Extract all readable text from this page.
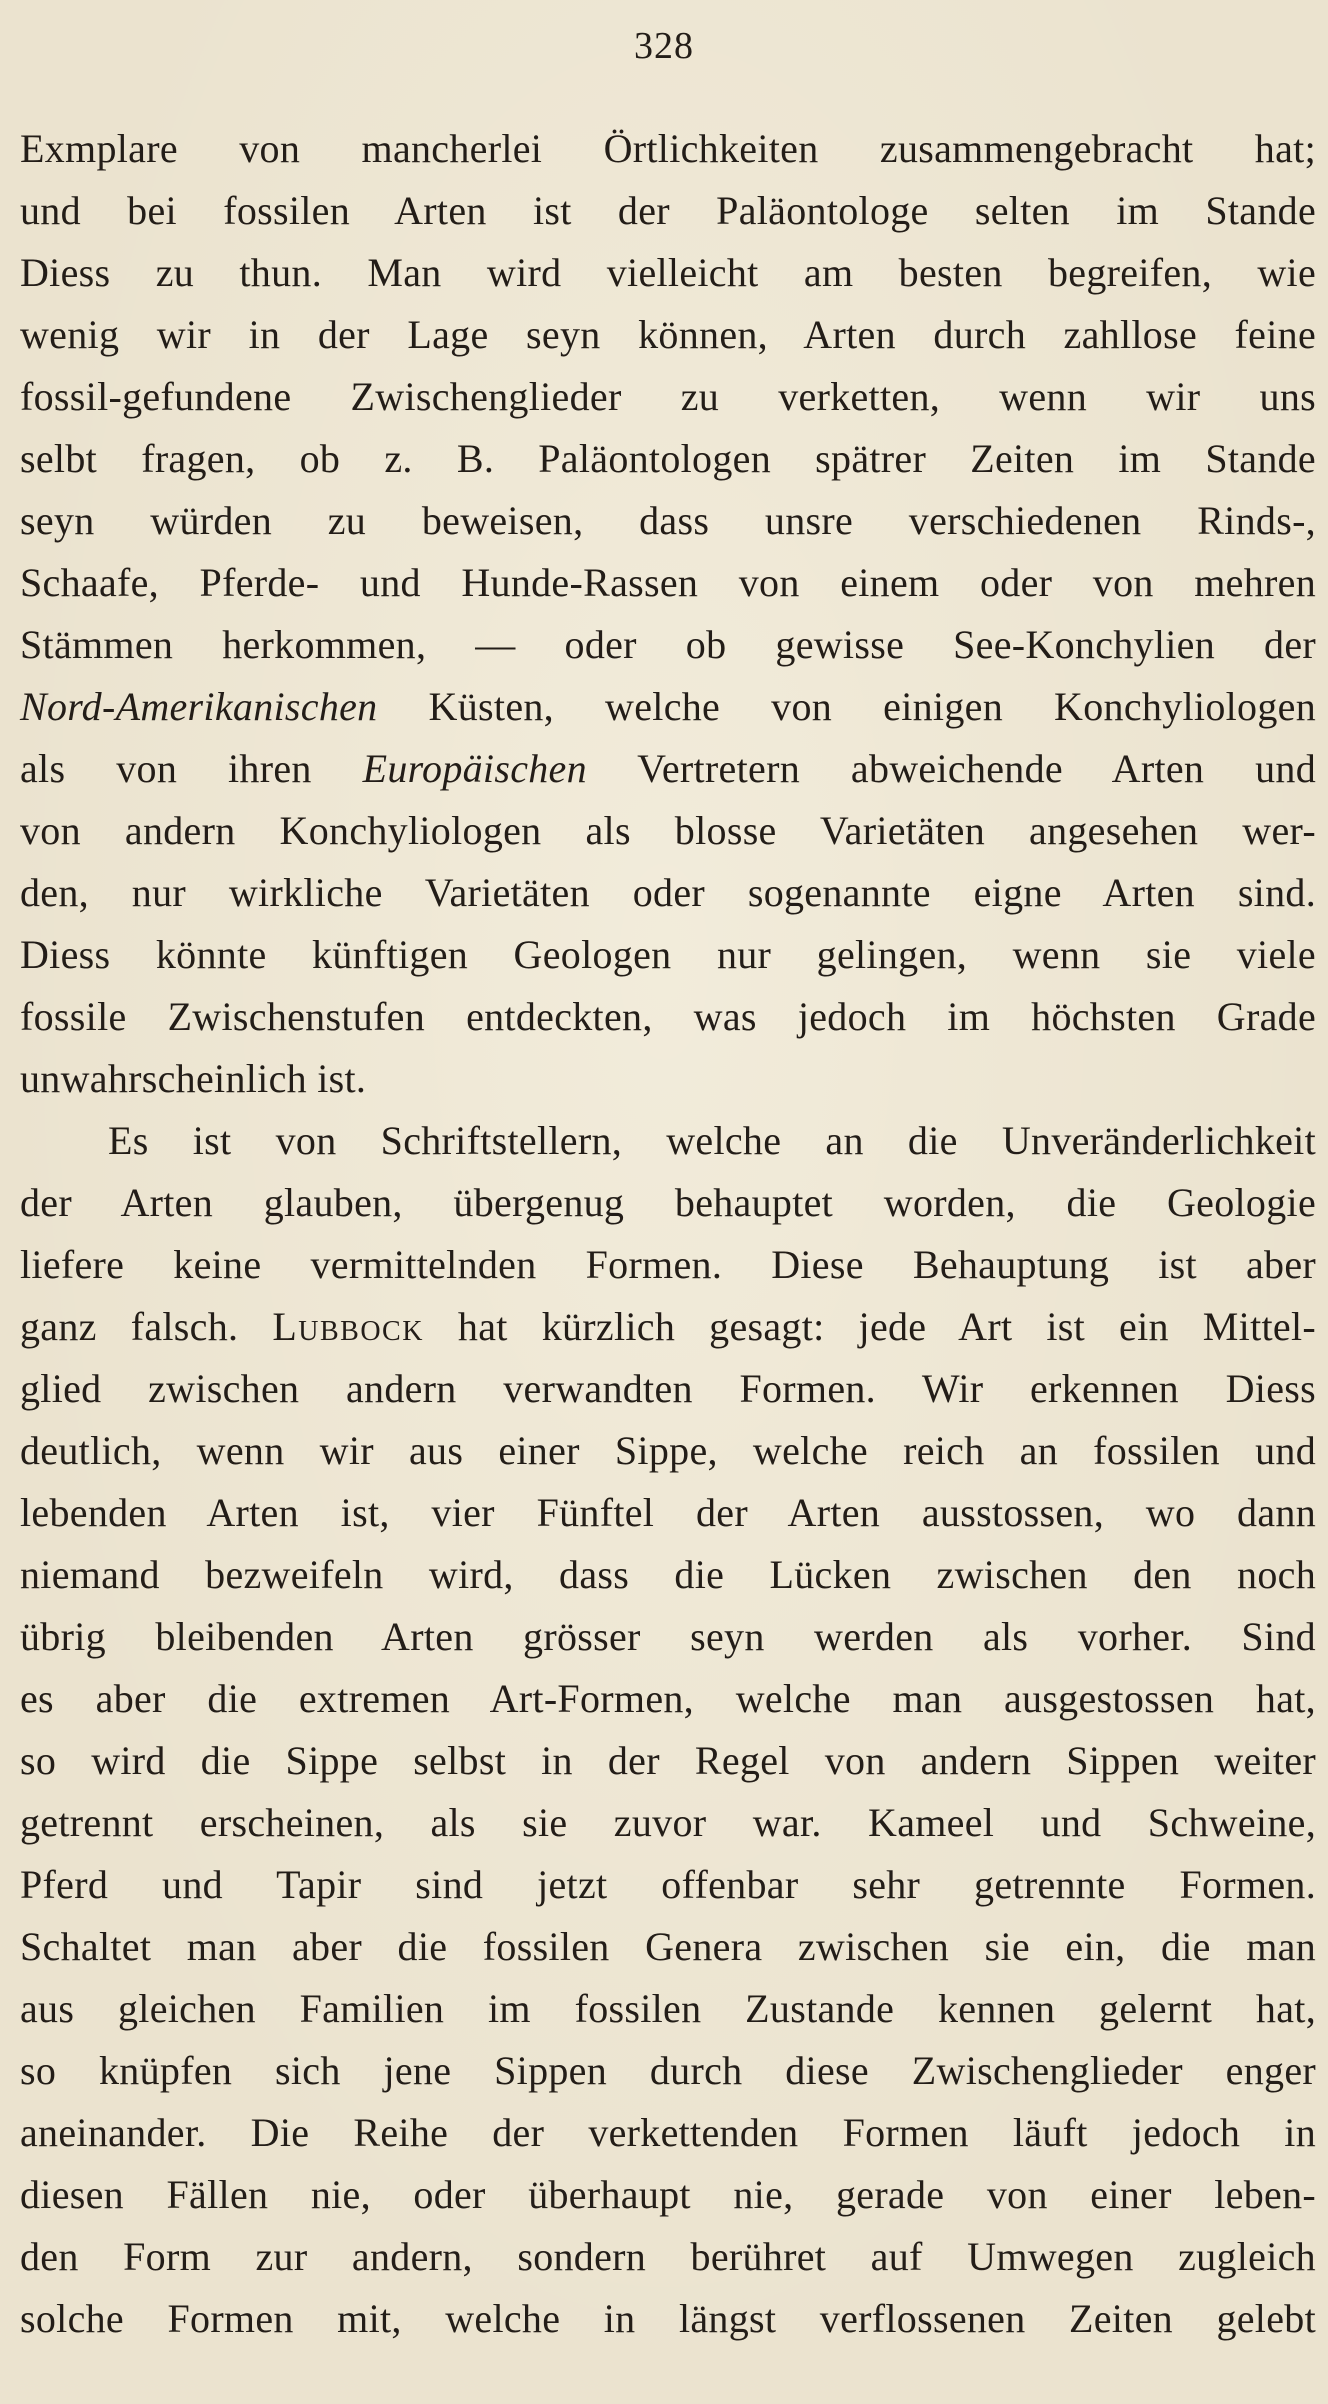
328
Exmplare von mancherlei Örtlichkeiten zusammengebracht hat;
und bei fossilen Arten ist der Paläontologe selten im Stande
Diess zu thun. Man wird vielleicht am besten begreifen, wie
wenig wir in der Lage seyn können, Arten durch zahllose feine
fossil-gefundene Zwischenglieder zu verketten, wenn wir uns
selbt fragen, ob z. B. Paläontologen spätrer Zeiten im Stande
seyn würden zu beweisen, dass unsre verschiedenen Rinds-,
Schaafe, Pferde- und Hunde-Rassen von einem oder von mehren
Stämmen herkommen, — oder ob gewisse See-Konchylien der
Nord-Amerikanischen Küsten, welche von einigen Konchyliologen
als von ihren Europäischen Vertretern abweichende Arten und
von andern Konchyliologen als blosse Varietäten angesehen wer-
den, nur wirkliche Varietäten oder sogenannte eigne Arten sind.
Diess könnte künftigen Geologen nur gelingen, wenn sie viele
fossile Zwischenstufen entdeckten, was jedoch im höchsten Grade
unwahrscheinlich ist.
Es ist von Schriftstellern, welche an die Unveränderlichkeit
der Arten glauben, übergenug behauptet worden, die Geologie
liefere keine vermittelnden Formen. Diese Behauptung ist aber
ganz falsch. Lubbock hat kürzlich gesagt: jede Art ist ein Mittel-
glied zwischen andern verwandten Formen. Wir erkennen Diess
deutlich, wenn wir aus einer Sippe, welche reich an fossilen und
lebenden Arten ist, vier Fünftel der Arten ausstossen, wo dann
niemand bezweifeln wird, dass die Lücken zwischen den noch
übrig bleibenden Arten grösser seyn werden als vorher. Sind
es aber die extremen Art-Formen, welche man ausgestossen hat,
so wird die Sippe selbst in der Regel von andern Sippen weiter
getrennt erscheinen, als sie zuvor war. Kameel und Schweine,
Pferd und Tapir sind jetzt offenbar sehr getrennte Formen.
Schaltet man aber die fossilen Genera zwischen sie ein, die man
aus gleichen Familien im fossilen Zustande kennen gelernt hat,
so knüpfen sich jene Sippen durch diese Zwischenglieder enger
aneinander. Die Reihe der verkettenden Formen läuft jedoch in
diesen Fällen nie, oder überhaupt nie, gerade von einer leben-
den Form zur andern, sondern berühret auf Umwegen zugleich
solche Formen mit, welche in längst verflossenen Zeiten gelebt
